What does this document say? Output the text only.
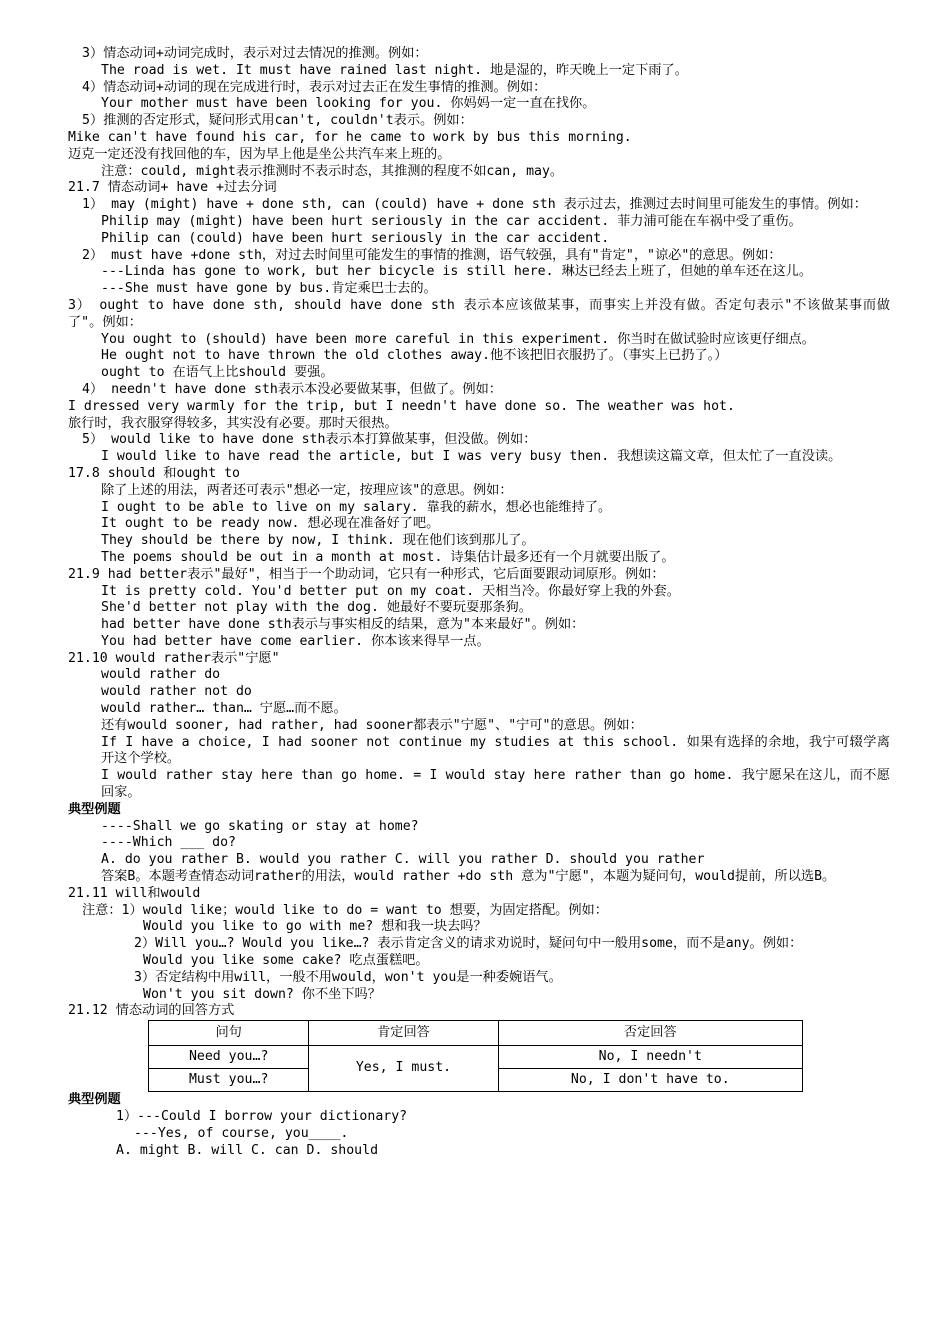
3）情态动词+动词完成时，表示对过去情况的推测。例如：
The road is wet. It must have rained last night. 地是湿的，昨天晚上一定下雨了。
4）情态动词+动词的现在完成进行时，表示对过去正在发生事情的推测。例如：
Your mother must have been looking for you. 你妈妈一定一直在找你。
5）推测的否定形式，疑问形式用can't, couldn't表示。例如：
Mike can't have found his car, for he came to work by bus this morning.
迈克一定还没有找回他的车，因为早上他是坐公共汽车来上班的。
注意：could, might表示推测时不表示时态，其推测的程度不如can, may。
21.7 情态动词+ have +过去分词
1） may (might) have + done sth, can (could) have + done sth 表示过去，推测过去时间里可能发生的事情。例如：
Philip may (might) have been hurt seriously in the car accident. 菲力浦可能在车祸中受了重伤。
Philip can (could) have been hurt seriously in the car accident.
2） must have +done sth，对过去时间里可能发生的事情的推测，语气较强，具有"肯定"，"谅必"的意思。例如：
---Linda has gone to work, but her bicycle is still here. 琳达已经去上班了，但她的单车还在这儿。
---She must have gone by bus.肯定乘巴士去的。
3） ought to have done sth, should have done sth 表示本应该做某事，而事实上并没有做。否定句表示"不该做某事而做了"。例如：
You ought to (should) have been more careful in this experiment. 你当时在做试验时应该更仔细点。
He ought not to have thrown the old clothes away.他不该把旧衣服扔了。（事实上已扔了。）
ought to 在语气上比should 要强。
4） needn't have done sth表示本没必要做某事，但做了。例如：
I dressed very warmly for the trip, but I needn't have done so. The weather was hot.
旅行时，我衣服穿得较多，其实没有必要。那时天很热。
5） would like to have done sth表示本打算做某事，但没做。例如：
I would like to have read the article, but I was very busy then. 我想读这篇文章，但太忙了一直没读。
17.8 should 和ought to
除了上述的用法，两者还可表示"想必一定，按理应该"的意思。例如：
I ought to be able to live on my salary. 靠我的薪水，想必也能维持了。
It ought to be ready now. 想必现在准备好了吧。
They should be there by now, I think. 现在他们该到那儿了。
The poems should be out in a month at most. 诗集估计最多还有一个月就要出版了。
21.9 had better表示"最好"，相当于一个助动词，它只有一种形式，它后面要跟动词原形。例如：
It is pretty cold. You'd better put on my coat. 天相当冷。你最好穿上我的外套。
She'd better not play with the dog. 她最好不要玩耍那条狗。
had better have done sth表示与事实相反的结果，意为"本来最好"。例如：
You had better have come earlier. 你本该来得早一点。
21.10 would rather表示"宁愿"
would rather do
would rather not do
would rather… than… 宁愿…而不愿。
还有would sooner, had rather, had sooner都表示"宁愿"、"宁可"的意思。例如：
If I have a choice, I had sooner not continue my studies at this school. 如果有选择的余地，我宁可辍学离开这个学校。
I would rather stay here than go home. = I would stay here rather than go home. 我宁愿呆在这儿，而不愿回家。
典型例题
----Shall we go skating or stay at home?
----Which ___ do?
A. do you rather B. would you rather C. will you rather D. should you rather
答案B。本题考查情态动词rather的用法，would rather +do sth 意为"宁愿"，本题为疑问句，would提前，所以选B。
21.11 will和would
注意：1）would like；would like to do = want to 想要，为固定搭配。例如：
Would you like to go with me? 想和我一块去吗？
2）Will you…? Would you like…? 表示肯定含义的请求劝说时，疑问句中一般用some，而不是any。例如：
Would you like some cake? 吃点蛋糕吧。
3）否定结构中用will，一般不用would，won't you是一种委婉语气。
Won't you sit down? 你不坐下吗？
21.12 情态动词的回答方式
问句	肯定回答	否定回答
Need you…?	Yes, I must.	No, I needn't
Must you…?		No, I don't have to.
典型例题
1）---Could I borrow your dictionary?
---Yes, of course, you____.
A. might B. will C. can D. should
